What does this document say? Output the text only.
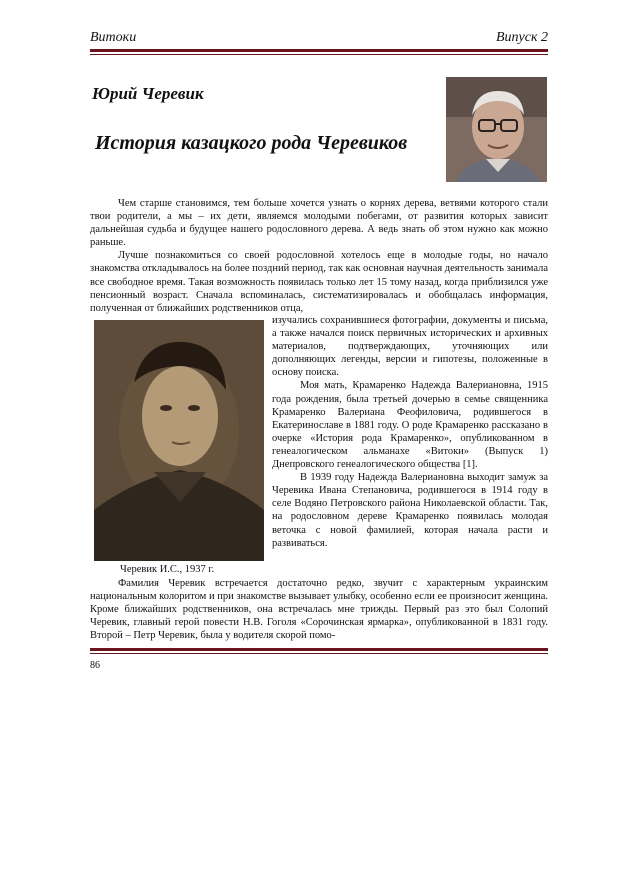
Витоки	Випуск 2
Юрий Черевик
История казацкого рода Черевиков

Чем старше становимся, тем больше хочется узнать о корнях дерева, ветвями которого стали твои родители, а мы – их дети, являемся молодыми побегами, от развития которых зависит дальнейшая судьба и будущее нашего родословного дерева. А ведь знать об этом нужно как можно раньше.

Лучше познакомиться со своей родословной хотелось еще в молодые годы, но начало знакомства откладывалось на более поздний период, так как основная научная деятельность занимала все свободное время. Такая возможность появилась только лет 15 тому назад, когда приблизился уже пенсионный возраст. Сначала вспоминалась, систематизировалась и обобщалась информация, полученная от ближайших родственников отца,

Черевик И.С., 1937 г.

изучались сохранившиеся фотографии, документы и письма, а также начался поиск первичных исторических и архивных материалов, подтверждающих, уточняющих или дополняющих легенды, версии и гипотезы, положенные в основу поиска.

Моя мать, Крамаренко Надежда Валериановна, 1915 года рождения, была третьей дочерью в семье священника Крамаренко Валериана Феофиловича, родившегося в Екатеринославе в 1881 году. О роде Крамаренко рассказано в очерке «История рода Крамаренко», опубликованном в генеалогическом альманахе «Витоки» (Выпуск 1) Днепровского генеалогического общества [1].

В 1939 году Надежда Валериановна выходит замуж за Черевика Ивана Степановича, родившегося в 1914 году в селе Водяно Петровского района Николаевской области. Так, на родословном дереве Крамаренко появилась молодая веточка с новой фамилией, которая начала расти и развиваться.

Фамилия Черевик встречается достаточно редко, звучит с характерным украинским национальным колоритом и при знакомстве вызывает улыбку, особенно если ее произносит женщина. Кроме ближайших родственников, она встречалась мне трижды. Первый раз это был Солопий Черевик, главный герой повести Н.В. Гоголя «Сорочинская ярмарка», опубликованной в 1831 году. Второй – Петр Черевик, была у водителя скорой помо-

86
